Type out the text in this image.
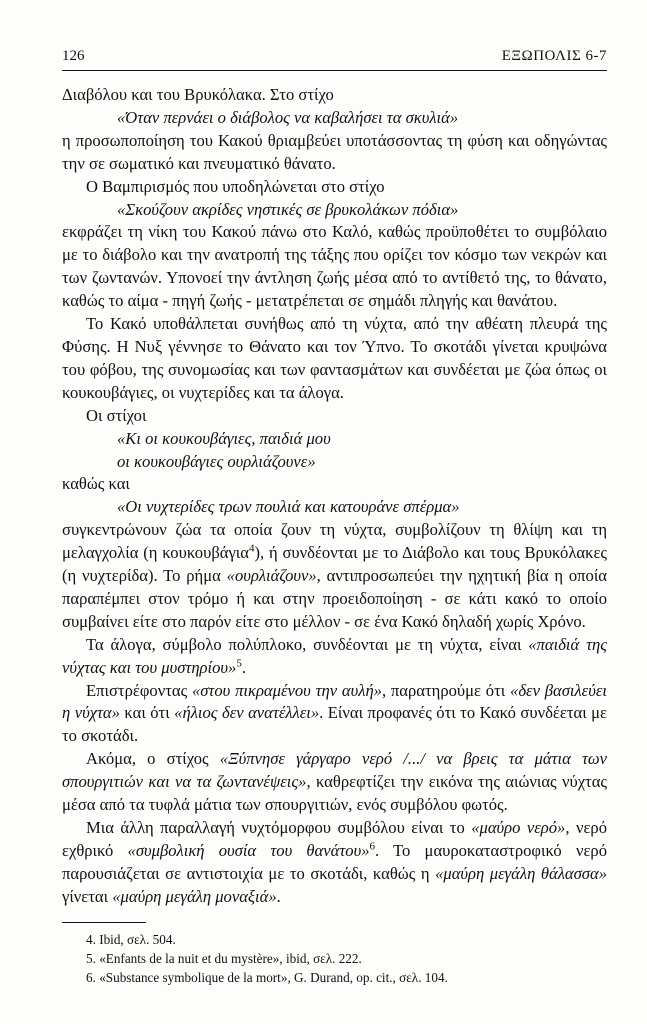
126	ΕΞΩΠΟΛΙΣ 6-7

Διαβόλου και του Βρυκόλακα. Στο στίχο

«Όταν περνάει ο διάβολος να καβαλήσει τα σκυλιά»

η προσωποποίηση του Κακού θριαμβεύει υποτάσσοντας τη φύση και οδηγώντας την σε σωματικό και πνευματικό θάνατο.

Ο Βαμπιρισμός που υποδηλώνεται στο στίχο

«Σκούζουν ακρίδες νηστικές σε βρυκολάκων πόδια»

εκφράζει τη νίκη του Κακού πάνω στο Καλό, καθώς προϋποθέτει το συμβόλαιο με το διάβολο και την ανατροπή της τάξης που ορίζει τον κόσμο των νεκρών και των ζωντανών. Υπονοεί την άντληση ζωής μέσα από το αντίθετό της, το θάνατο, καθώς το αίμα - πηγή ζωής - μετατρέπεται σε σημάδι πληγής και θανάτου.

Το Κακό υποθάλπεται συνήθως από τη νύχτα, από την αθέατη πλευρά της Φύσης. Η Νυξ γέννησε το Θάνατο και τον Ύπνο. Το σκοτάδι γίνεται κρυψώνα του φόβου, της συνομωσίας και των φαντασμάτων και συνδέεται με ζώα όπως οι κουκουβάγιες, οι νυχτερίδες και τα άλογα.

Οι στίχοι

«Κι οι κουκουβάγιες, παιδιά μου

οι κουκουβάγιες ουρλιάζουνε»

καθώς και

«Οι νυχτερίδες τρων πουλιά και κατουράνε σπέρμα»

συγκεντρώνουν ζώα τα οποία ζουν τη νύχτα, συμβολίζουν τη θλίψη και τη μελαγχολία (η κουκουβάγια$^4$), ή συνδέονται με το Διάβολο και τους Βρυκόλακες (η νυχτερίδα). Το ρήμα «ουρλιάζουν», αντιπροσωπεύει την ηχητική βία η οποία παραπέμπει στον τρόμο ή και στην προειδοποίηση - σε κάτι κακό το οποίο συμβαίνει είτε στο παρόν είτε στο μέλλον - σε ένα Κακό δηλαδή χωρίς Χρόνο.

Τα άλογα, σύμβολο πολύπλοκο, συνδέονται με τη νύχτα, είναι «παιδιά της νύχτας και του μυστηρίου»$^5$.

Επιστρέφοντας «στου πικραμένου την αυλή», παρατηρούμε ότι «δεν βασιλεύει η νύχτα» και ότι «ήλιος δεν ανατέλλει». Είναι προφανές ότι το Κακό συνδέεται με το σκοτάδι.

Ακόμα, ο στίχος «Ξύπνησε γάργαρο νερό /.../ να βρεις τα μάτια των σπουργιτιών και να τα ζωντανέψεις», καθρεφτίζει την εικόνα της αιώνιας νύχτας μέσα από τα τυφλά μάτια των σπουργιτιών, ενός συμβόλου φωτός.

Μια άλλη παραλλαγή νυχτόμορφου συμβόλου είναι το «μαύρο νερό», νερό εχθρικό «συμβολική ουσία του θανάτου»$^6$. Το μαυροκαταστροφικό νερό παρουσιάζεται σε αντιστοιχία με το σκοτάδι, καθώς η «μαύρη μεγάλη θάλασσα» γίνεται «μαύρη μεγάλη μοναξιά».

4. Ibid, σελ. 504.
5. «Enfants de la nuit et du mystère», ibid, σελ. 222.
6. «Substance symbolique de la mort», G. Durand, op. cit., σελ. 104.
